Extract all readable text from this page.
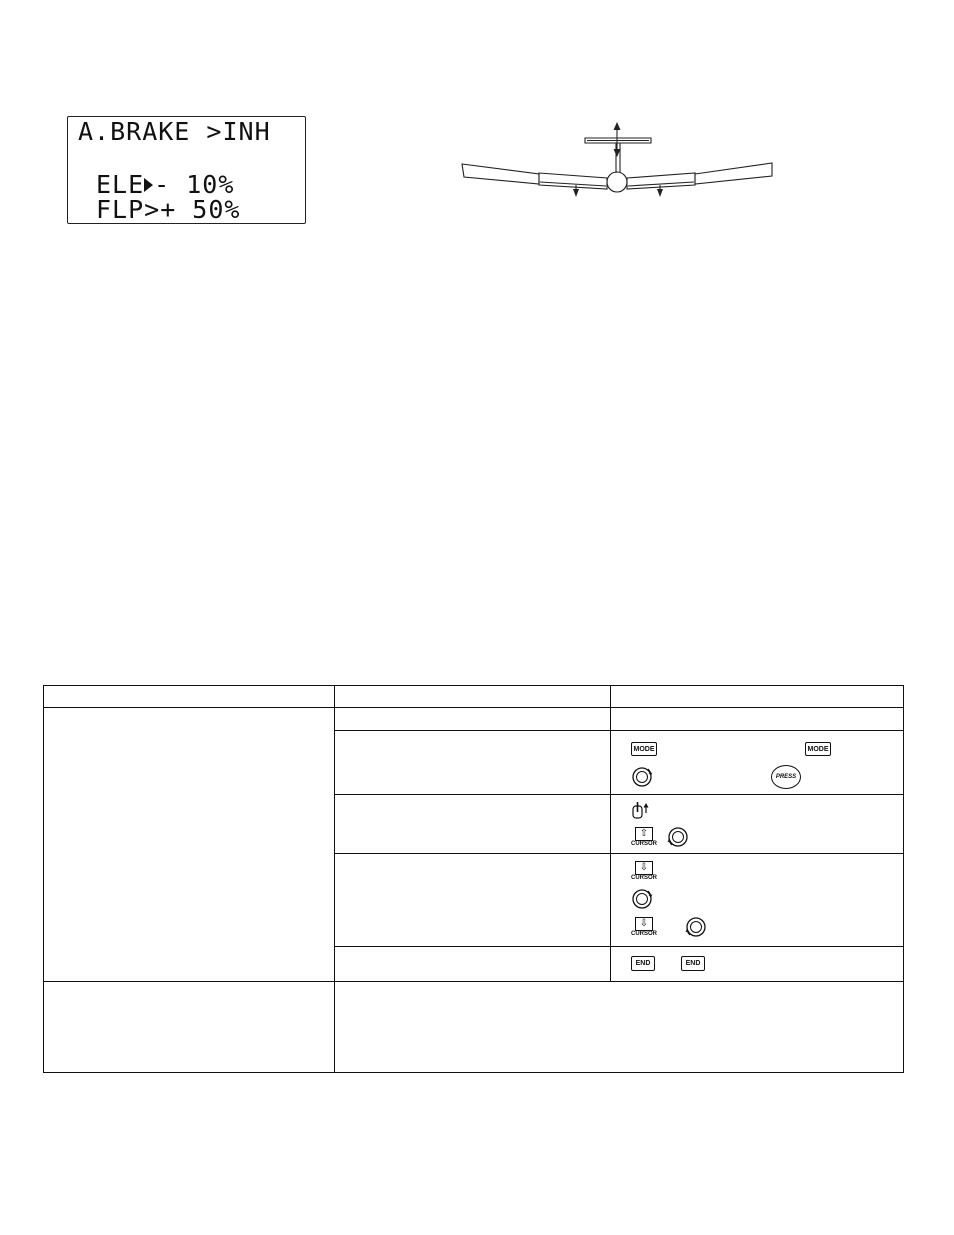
A.BRAKE >INH
ELE - 10%
FLP>+ 50%

MODE MODE
PRESS

⇧
CURSOR

⇩
CURSOR
⇩
CURSOR

END END
